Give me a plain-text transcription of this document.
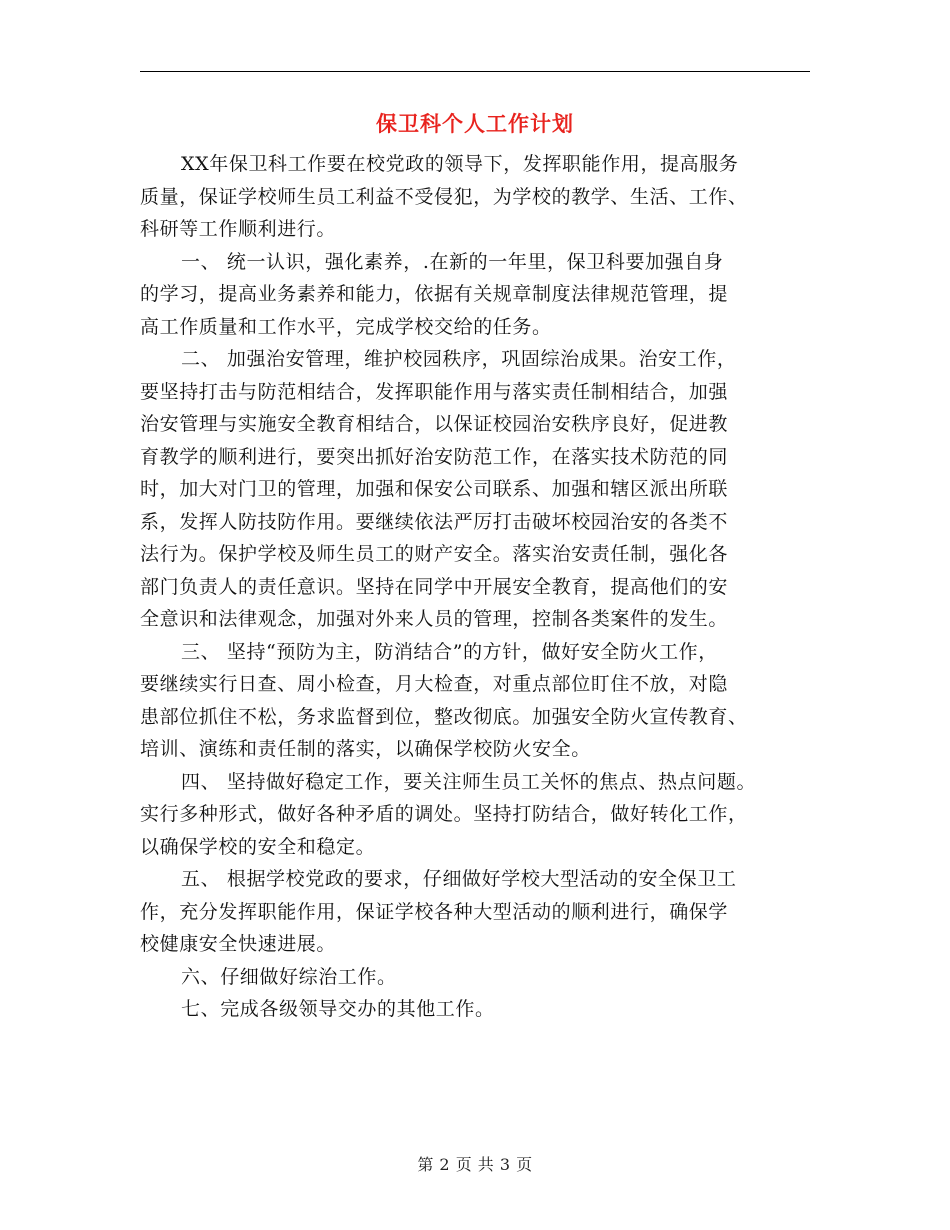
保卫科个人工作计划
XX年保卫科工作要在校党政的领导下，发挥职能作用，提高服务
质量，保证学校师生员工利益不受侵犯，为学校的教学、生活、工作、
科研等工作顺利进行。
一、 统一认识，强化素养，.在新的一年里，保卫科要加强自身
的学习，提高业务素养和能力，依据有关规章制度法律规范管理，提
高工作质量和工作水平，完成学校交给的任务。
二、 加强治安管理，维护校园秩序，巩固综治成果。治安工作，
要坚持打击与防范相结合，发挥职能作用与落实责任制相结合，加强
治安管理与实施安全教育相结合，以保证校园治安秩序良好，促进教
育教学的顺利进行，要突出抓好治安防范工作，在落实技术防范的同
时，加大对门卫的管理，加强和保安公司联系、加强和辖区派出所联
系，发挥人防技防作用。要继续依法严厉打击破坏校园治安的各类不
法行为。保护学校及师生员工的财产安全。落实治安责任制，强化各
部门负责人的责任意识。坚持在同学中开展安全教育，提高他们的安
全意识和法律观念，加强对外来人员的管理，控制各类案件的发生。
三、 坚持“预防为主，防消结合”的方针，做好安全防火工作，
要继续实行日查、周小检查，月大检查，对重点部位盯住不放，对隐
患部位抓住不松，务求监督到位，整改彻底。加强安全防火宣传教育、
培训、演练和责任制的落实，以确保学校防火安全。
四、 坚持做好稳定工作，要关注师生员工关怀的焦点、热点问题。
实行多种形式，做好各种矛盾的调处。坚持打防结合，做好转化工作，
以确保学校的安全和稳定。
五、 根据学校党政的要求，仔细做好学校大型活动的安全保卫工
作，充分发挥职能作用，保证学校各种大型活动的顺利进行，确保学
校健康安全快速进展。
六、仔细做好综治工作。
七、完成各级领导交办的其他工作。
第 2 页 共 3 页
